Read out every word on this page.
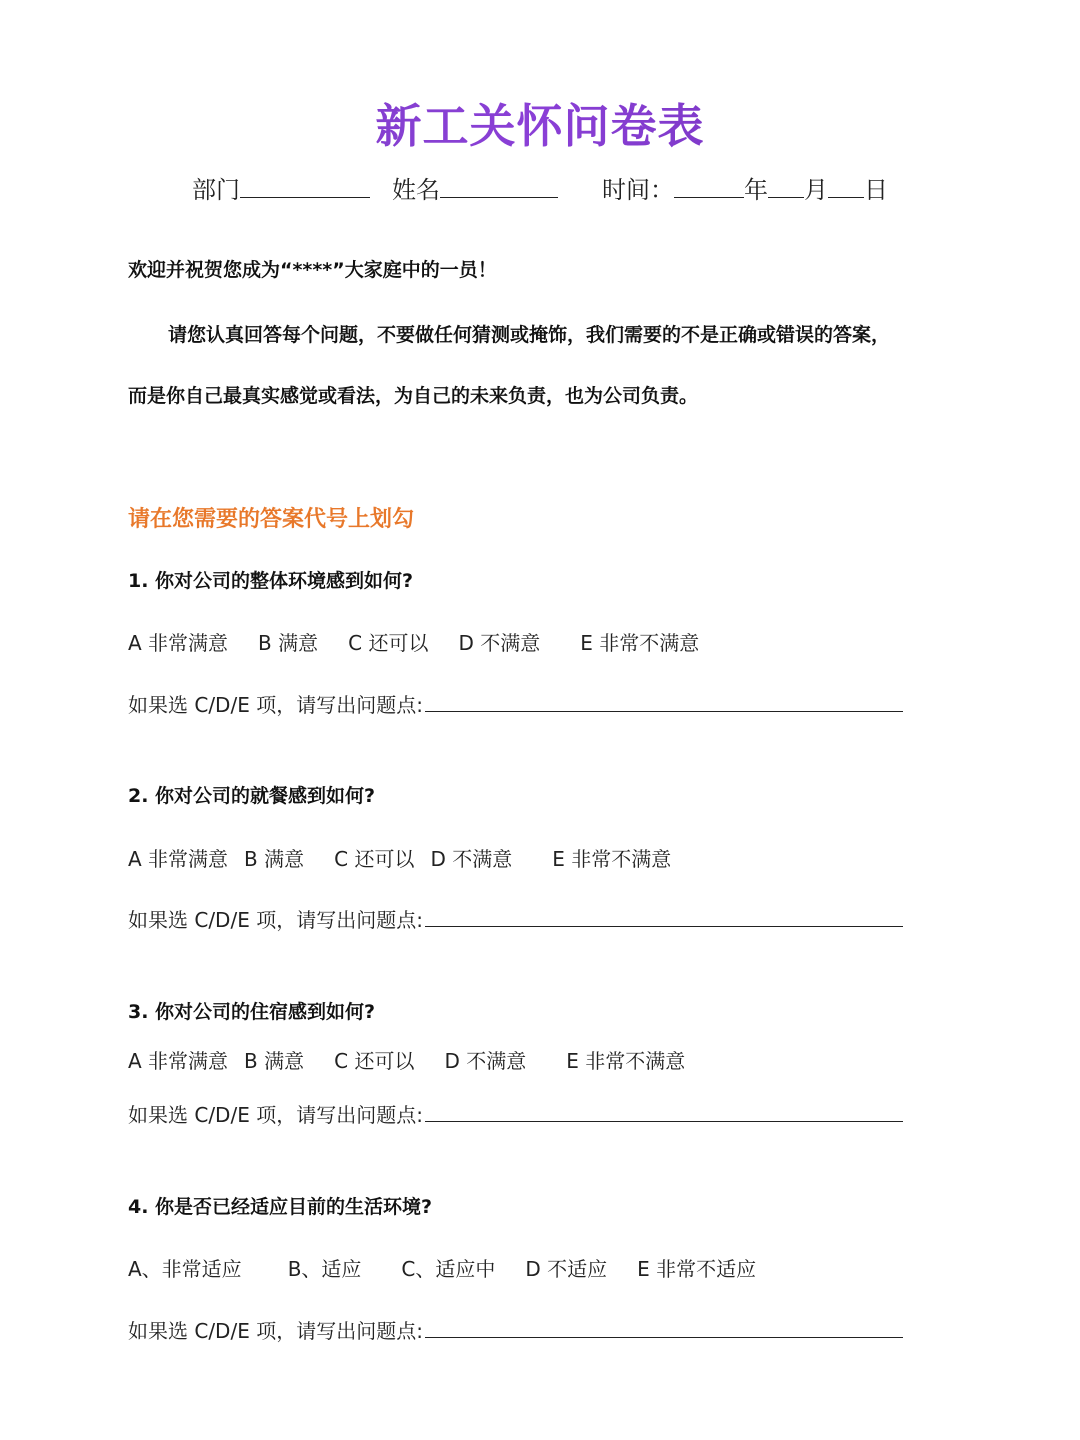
新工关怀问卷表
部门	姓名	时间：	年 月 日
欢迎并祝贺您成为“****”大家庭中的一员！
请您认真回答每个问题，不要做任何猜测或掩饰，我们需要的不是正确或错误的答案，
而是你自己最真实感觉或看法，为自己的未来负责，也为公司负责。
请在您需要的答案代号上划勾
1. 你对公司的整体环境感到如何?
A 非常满意 B 满意 C 还可以 D 不满意 E 非常不满意
如果选 C/D/E 项，请写出问题点:
2. 你对公司的就餐感到如何?
A 非常满意 B 满意 C 还可以 D 不满意 E 非常不满意
如果选 C/D/E 项，请写出问题点:
3. 你对公司的住宿感到如何?
A 非常满意 B 满意 C 还可以 D 不满意 E 非常不满意
如果选 C/D/E 项，请写出问题点:
4. 你是否已经适应目前的生活环境?
A、非常适应 B、适应 C、适应中 D 不适应 E 非常不适应
如果选 C/D/E 项，请写出问题点:
